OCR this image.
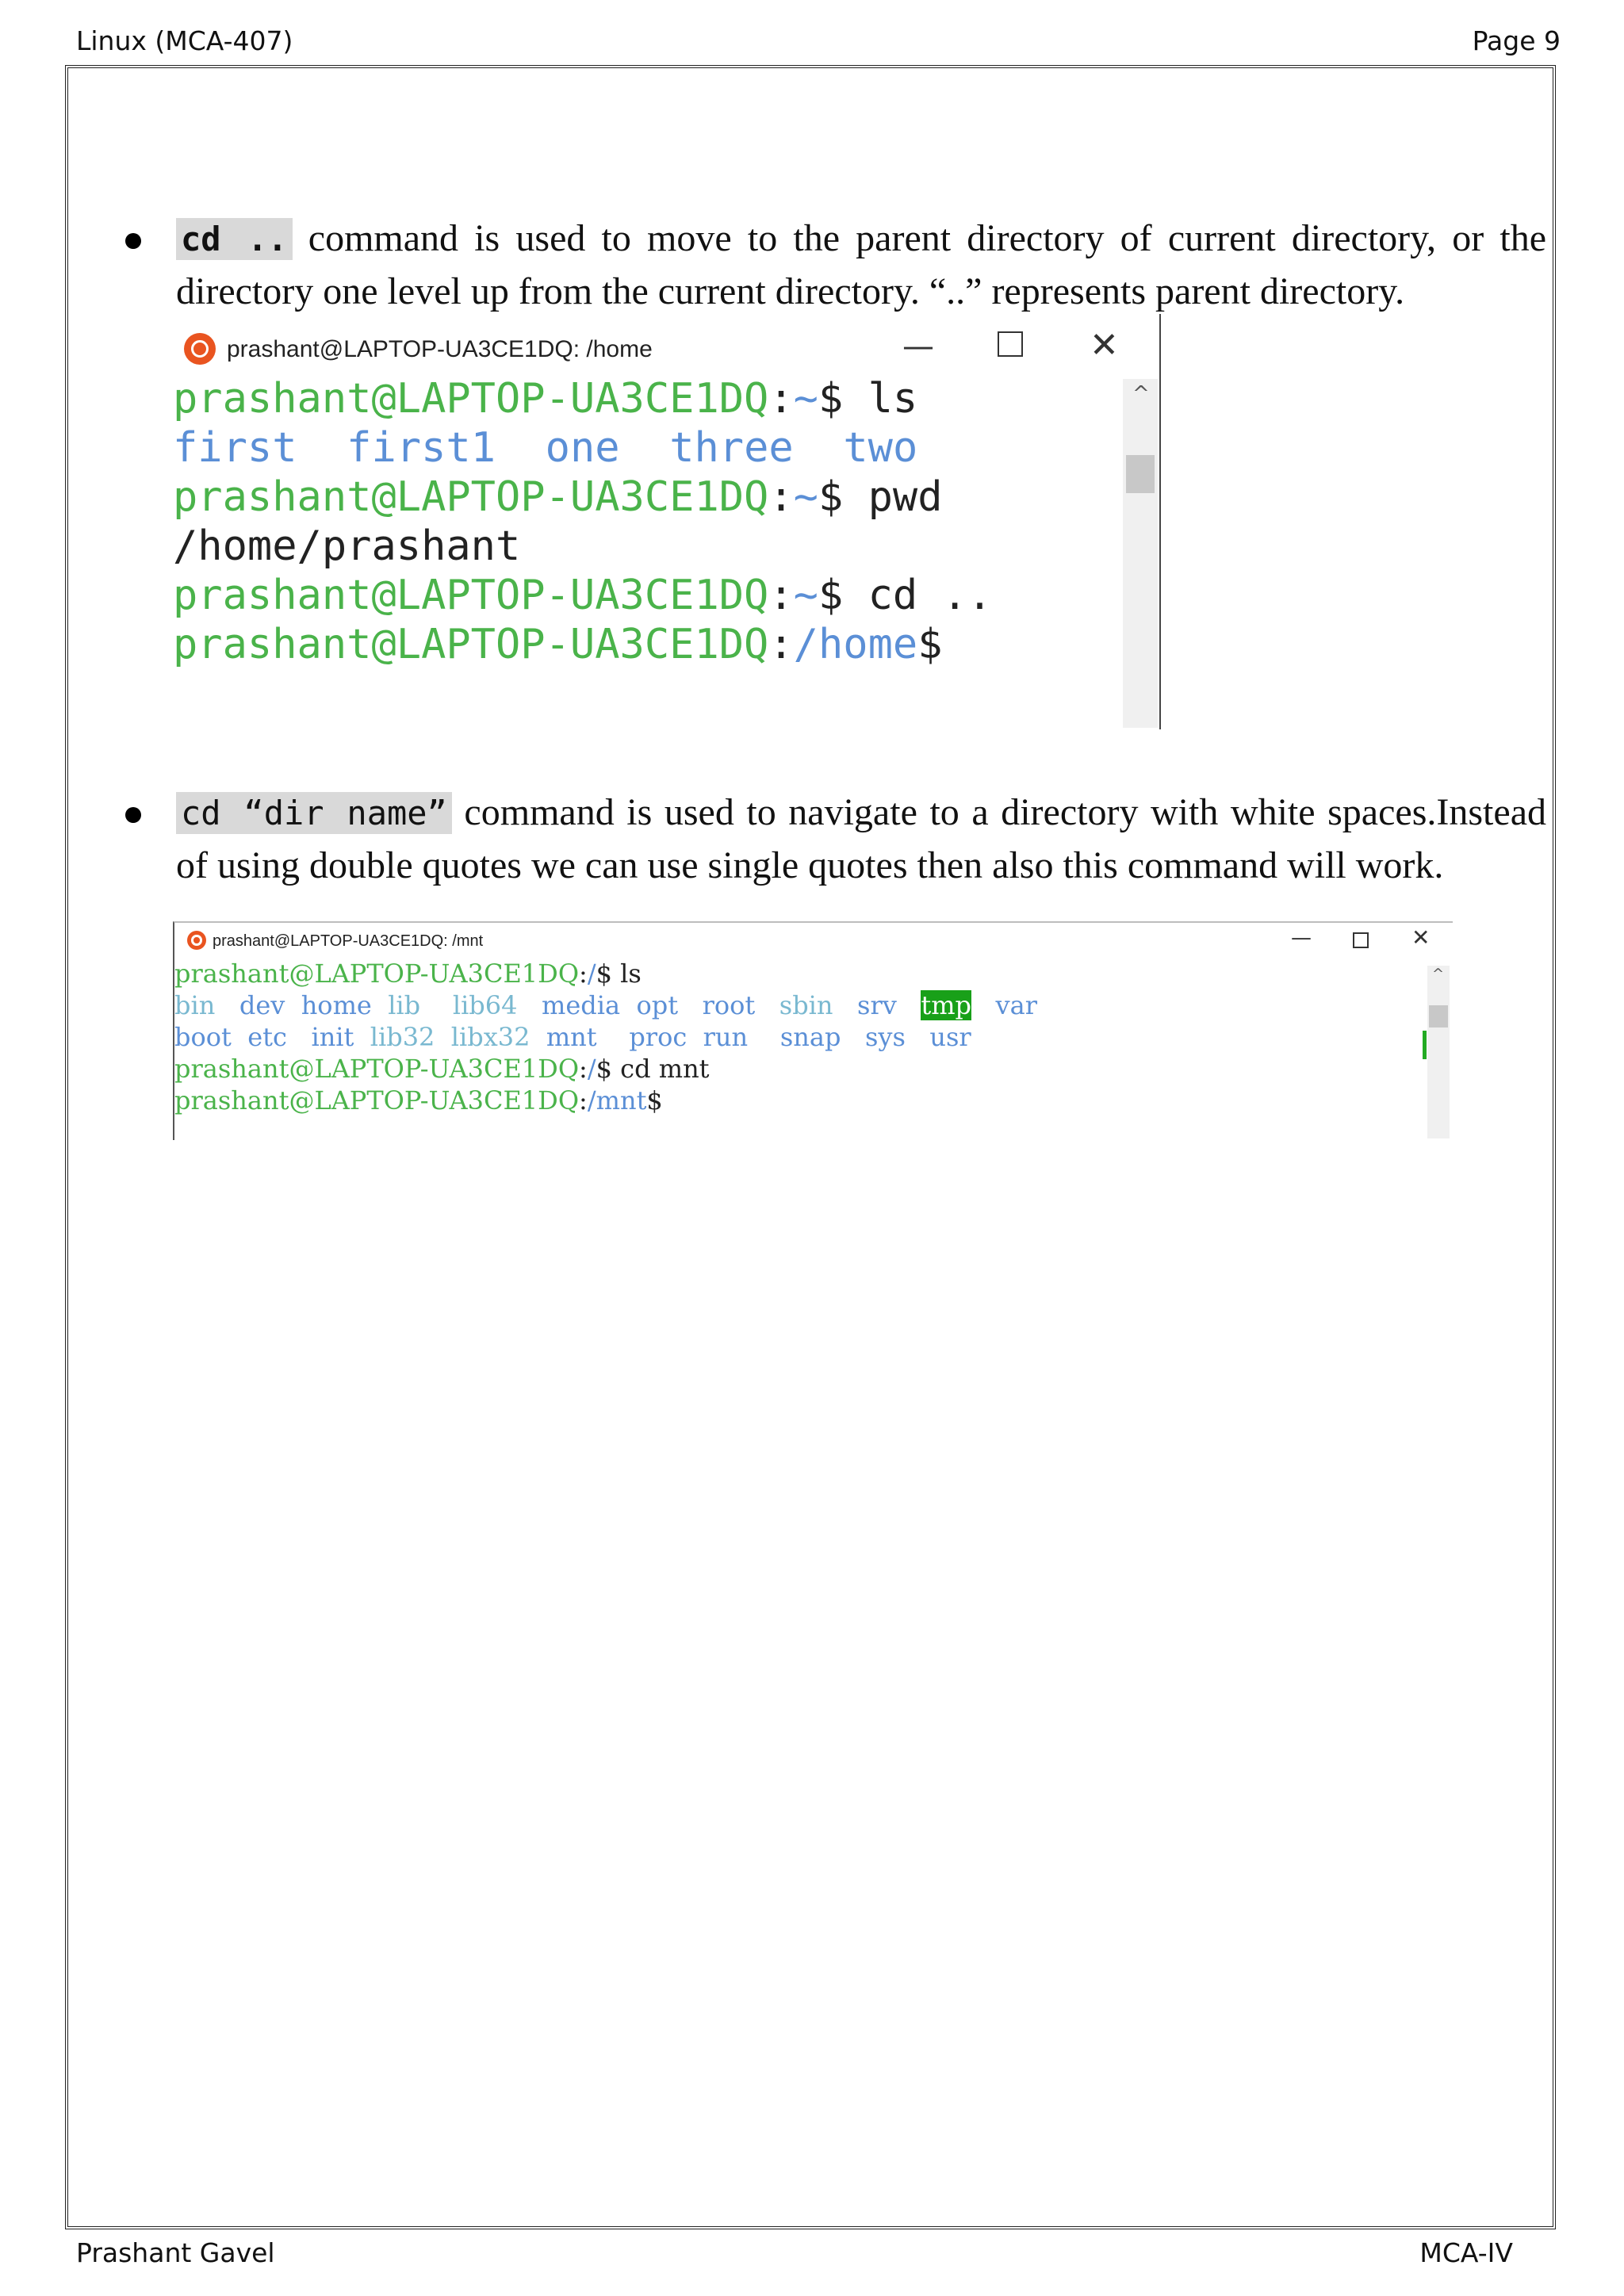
Linux (MCA-407)	Page 9
cd .. command is used to move to the parent directory of current directory, or the directory one level up from the current directory. “..” represents parent directory.
prashant@LAPTOP-UA3CE1DQ: /home	—	✕
prashant@LAPTOP-UA3CE1DQ:~$ ls
first first1 one three two
prashant@LAPTOP-UA3CE1DQ:~$ pwd
/home/prashant
prashant@LAPTOP-UA3CE1DQ:~$ cd ..
prashant@LAPTOP-UA3CE1DQ:/home$
^
cd “dir name” command is used to navigate to a directory with white spaces.Instead of using double quotes we can use single quotes then also this command will work.
prashant@LAPTOP-UA3CE1DQ: /mnt	—	✕
prashant@LAPTOP-UA3CE1DQ:/$ ls
bin dev home lib lib64 media opt root sbin srv tmp var
boot etc init lib32 libx32 mnt proc run snap sys usr
prashant@LAPTOP-UA3CE1DQ:/$ cd mnt
prashant@LAPTOP-UA3CE1DQ:/mnt$
^
Prashant Gavel	MCA-IV
